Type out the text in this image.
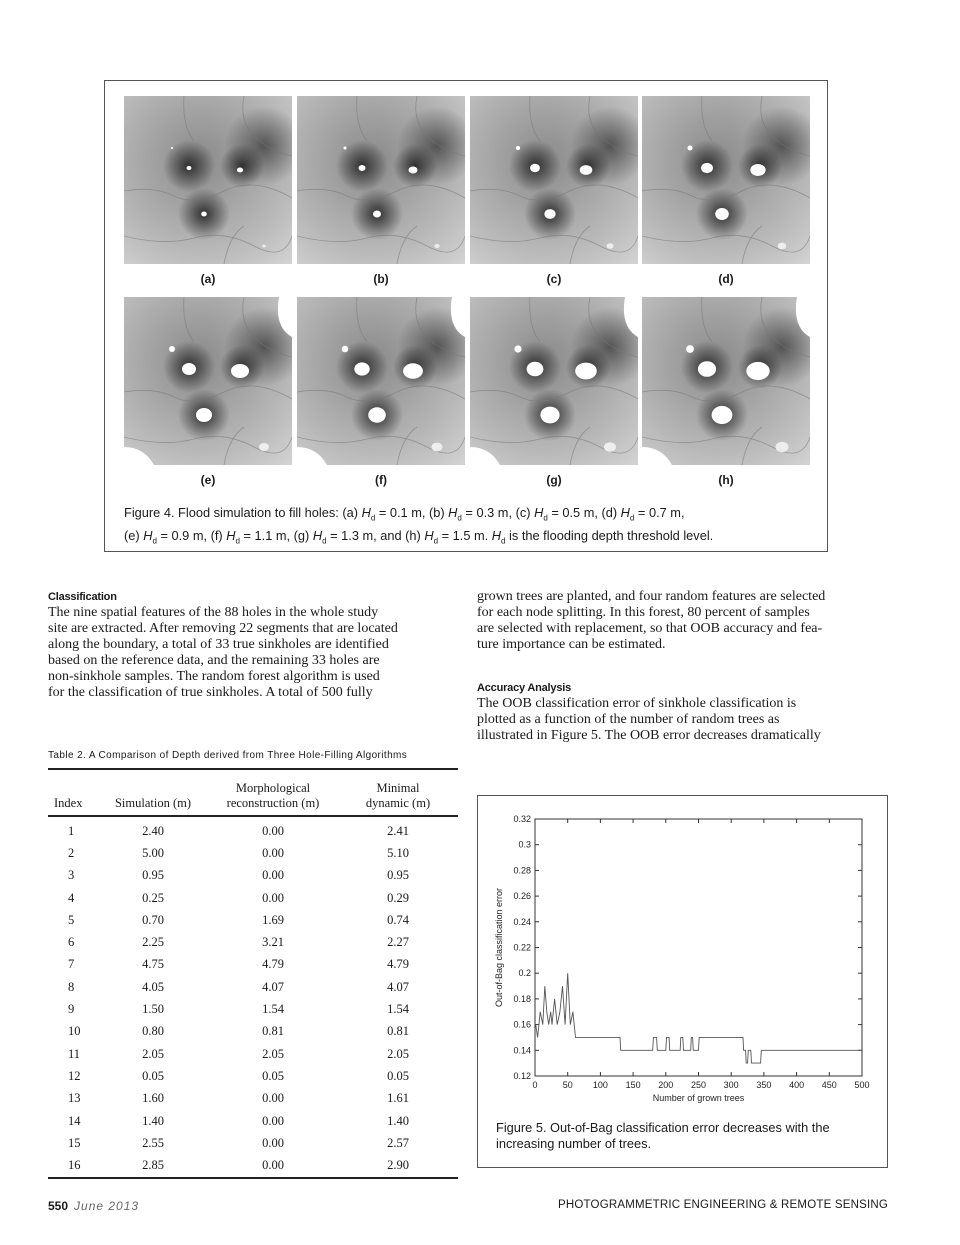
(a)	(b)	(c)	(d)
(e)	(f)	(g)	(h)
Figure 4. Flood simulation to fill holes: (a) $H_d = 0.1$ m, (b) $H_d = 0.3$ m, (c) $H_d = 0.5$ m, (d) $H_d = 0.7$ m,
(e) $H_d = 0.9$ m, (f) $H_d = 1.1$ m, (g) $H_d = 1.3$ m, and (h) $H_d = 1.5$ m. $H_d$ is the flooding depth threshold level.
Classification
The nine spatial features of the 88 holes in the whole study
site are extracted. After removing 22 segments that are located
along the boundary, a total of 33 true sinkholes are identified
based on the reference data, and the remaining 33 holes are
non-sinkhole samples. The random forest algorithm is used
for the classification of true sinkholes. A total of 500 fully
grown trees are planted, and four random features are selected
for each node splitting. In this forest, 80 percent of samples
are selected with replacement, so that OOB accuracy and fea-
ture importance can be estimated.
Accuracy Analysis
The OOB classification error of sinkhole classification is
plotted as a function of the number of random trees as
illustrated in Figure 5. The OOB error decreases dramatically
Table 2. A Comparison of Depth derived from Three Hole-Filling Algorithms
Index	Simulation (m)	Morphological reconstruction (m)	Minimal dynamic (m)
1	2.40	0.00	2.41
2	5.00	0.00	5.10
3	0.95	0.00	0.95
4	0.25	0.00	0.29
5	0.70	1.69	0.74
6	2.25	3.21	2.27
7	4.75	4.79	4.79
8	4.05	4.07	4.07
9	1.50	1.54	1.54
10	0.80	0.81	0.81
11	2.05	2.05	2.05
12	0.05	0.05	0.05
13	1.60	0.00	1.61
14	1.40	0.00	1.40
15	2.55	0.00	2.57
16	2.85	0.00	2.90
0	50 100 150 200 250 300 350 400 450 500
0.12
0.14
0.16
0.18
0.2
0.22
0.24
0.26
0.28
0.3
0.32
Number of grown trees
Out-of-Bag classification error
Figure 5. Out-of-Bag classification error decreases with the
increasing number of trees.
550 June 2013	PHOTOGRAMMETRIC ENGINEERING & REMOTE SENSING
